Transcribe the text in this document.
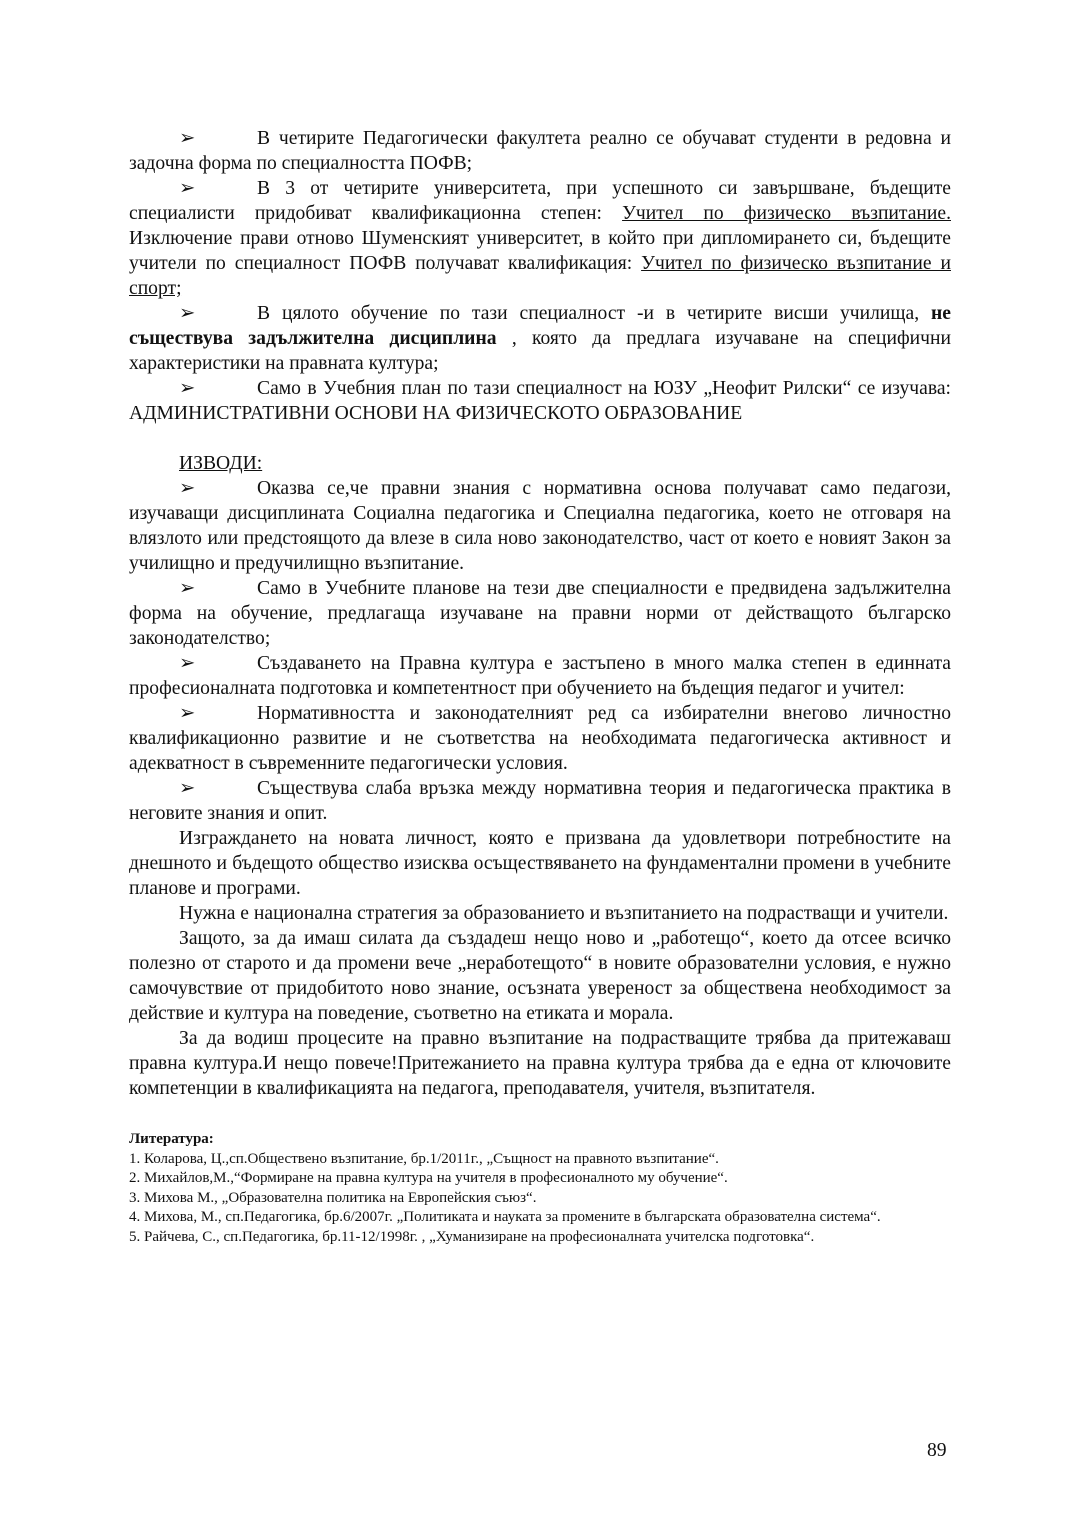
➢	В четирите Педагогически факултета реално се обучават студенти в редовна и задочна форма по специалността ПОФВ;

➢	В 3 от четирите университета, при успешното си завършване, бъдещите специалисти придобиват квалификационна степен: Учител по физическо възпитание. Изключение прави отново Шуменският университет, в който при дипломирането си, бъдещите учители по специалност ПОФВ получават квалификация: Учител по физическо възпитание и спорт;

➢	В цялото обучение по тази специалност -и в четирите висши училища, не съществува задължителна дисциплина , която да предлага изучаване на специфични характеристики на правната култура;

➢	Само в Учебния план по тази специалност на ЮЗУ „Неофит Рилски“ се изучава: АДМИНИСТРАТИВНИ ОСНОВИ НА ФИЗИЧЕСКОТО ОБРАЗОВАНИЕ

ИЗВОДИ:

➢	Оказва се,че правни знания с нормативна основа получават само педагози, изучаващи дисциплината Социална педагогика и Специална педагогика, което не отговаря на влязлото или предстоящото да влезе в сила ново законодателство, част от което е новият Закон за училищно и предучилищно възпитание.

➢	Само в Учебните планове на тези две специалности е предвидена задължителна форма на обучение, предлагаща изучаване на правни норми от действащото българско законодателство;

➢	Създаването на Правна култура е застъпено в много малка степен в единната професионалната подготовка и компетентност при обучението на бъдещия педагог и учител:

➢	Нормативността и законодателният ред са избирателни внегово личностно квалификационно развитие и не съответства на необходимата педагогическа активност и адекватност в съвременните педагогически условия.

➢	Съществува слаба връзка между нормативна теория и педагогическа практика в неговите знания и опит.

Изграждането на новата личност, която е призвана да удовлетвори потребностите на днешното и бъдещото общество изисква осъществяването на фундаментални промени в учебните планове и програми.

Нужна е национална стратегия за образованието и възпитанието на подрастващи и учители.

Защото, за да имаш силата да създадеш нещо ново и „работещо“, което да отсее всичко полезно от старото и да промени вече „неработещото“ в новите образователни условия, е нужно самочувствие от придобитото ново знание, осъзната увереност за обществена необходимост за действие и култура на поведение, съответно на етиката и морала.

За да водиш процесите на правно възпитание на подрастващите трябва да притежаваш правна култура.И нещо повече!Притежанието на правна култура трябва да е една от ключовите компетенции в квалификацията на педагога, преподавателя, учителя, възпитателя.

Литература:

1. Коларова, Ц.,сп.Обществено възпитание, бр.1/2011г., „Същност на правното възпитание“.

2. Михайлов,М.,“Формиране на правна култура на учителя в професионалното му обучение“.

3. Михова М., „Образователна политика на Европейския съюз“.

4. Михова, М., сп.Педагогика, бр.6/2007г. „Политиката и науката за промените в българската образователна система“.

5. Райчева, С., сп.Педагогика, бр.11-12/1998г. , „Хуманизиране на професионалната учителска подготовка“.

89
